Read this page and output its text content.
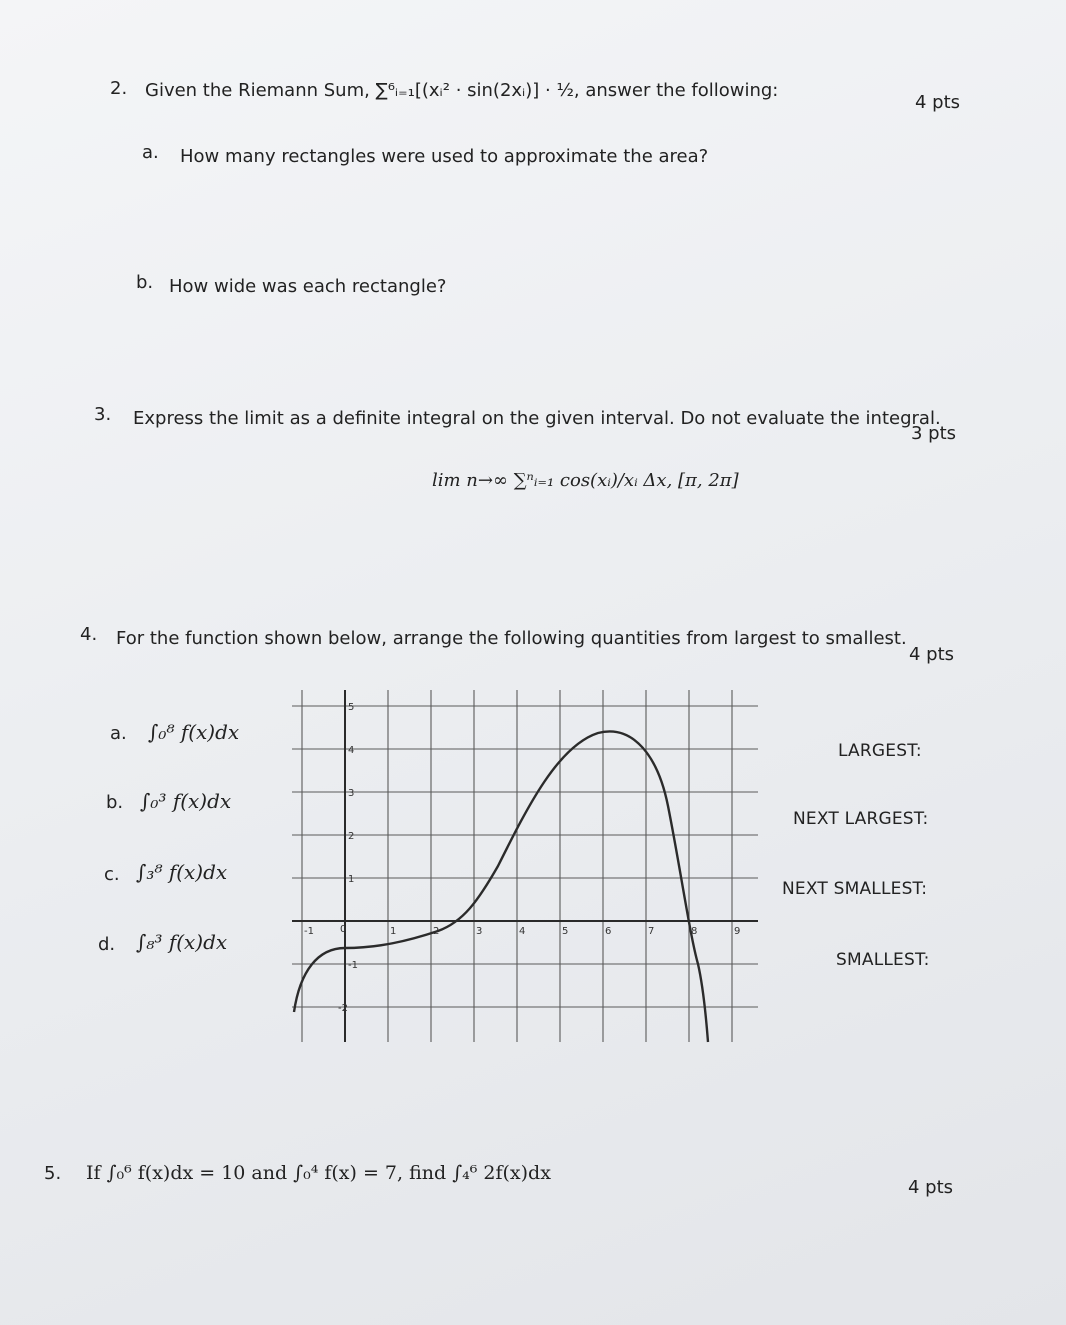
2. Given the Riemann Sum, ∑⁶ᵢ₌₁[(xᵢ² · sin(2xᵢ)] · ½, answer the following:
4 pts
a. How many rectangles were used to approximate the area?
b. How wide was each rectangle?
3. Express the limit as a definite integral on the given interval. Do not evaluate the integral.
3 pts
lim n→∞ ∑ⁿᵢ₌₁ cos(xᵢ)/xᵢ Δx, [π, 2π]
4. For the function shown below, arrange the following quantities from largest to smallest.
4 pts
a. ∫₀⁸ f(x)dx
b. ∫₀³ f(x)dx
c. ∫₃⁸ f(x)dx
d. ∫₈³ f(x)dx
LARGEST:
NEXT LARGEST:
NEXT SMALLEST:
SMALLEST:
-1	0	1	2	3	4	5	6	7	8	9
5
4
3
2
1
-1
-2
5. If ∫₀⁶ f(x)dx = 10 and ∫₀⁴ f(x) = 7, find ∫₄⁶ 2f(x)dx
4 pts
